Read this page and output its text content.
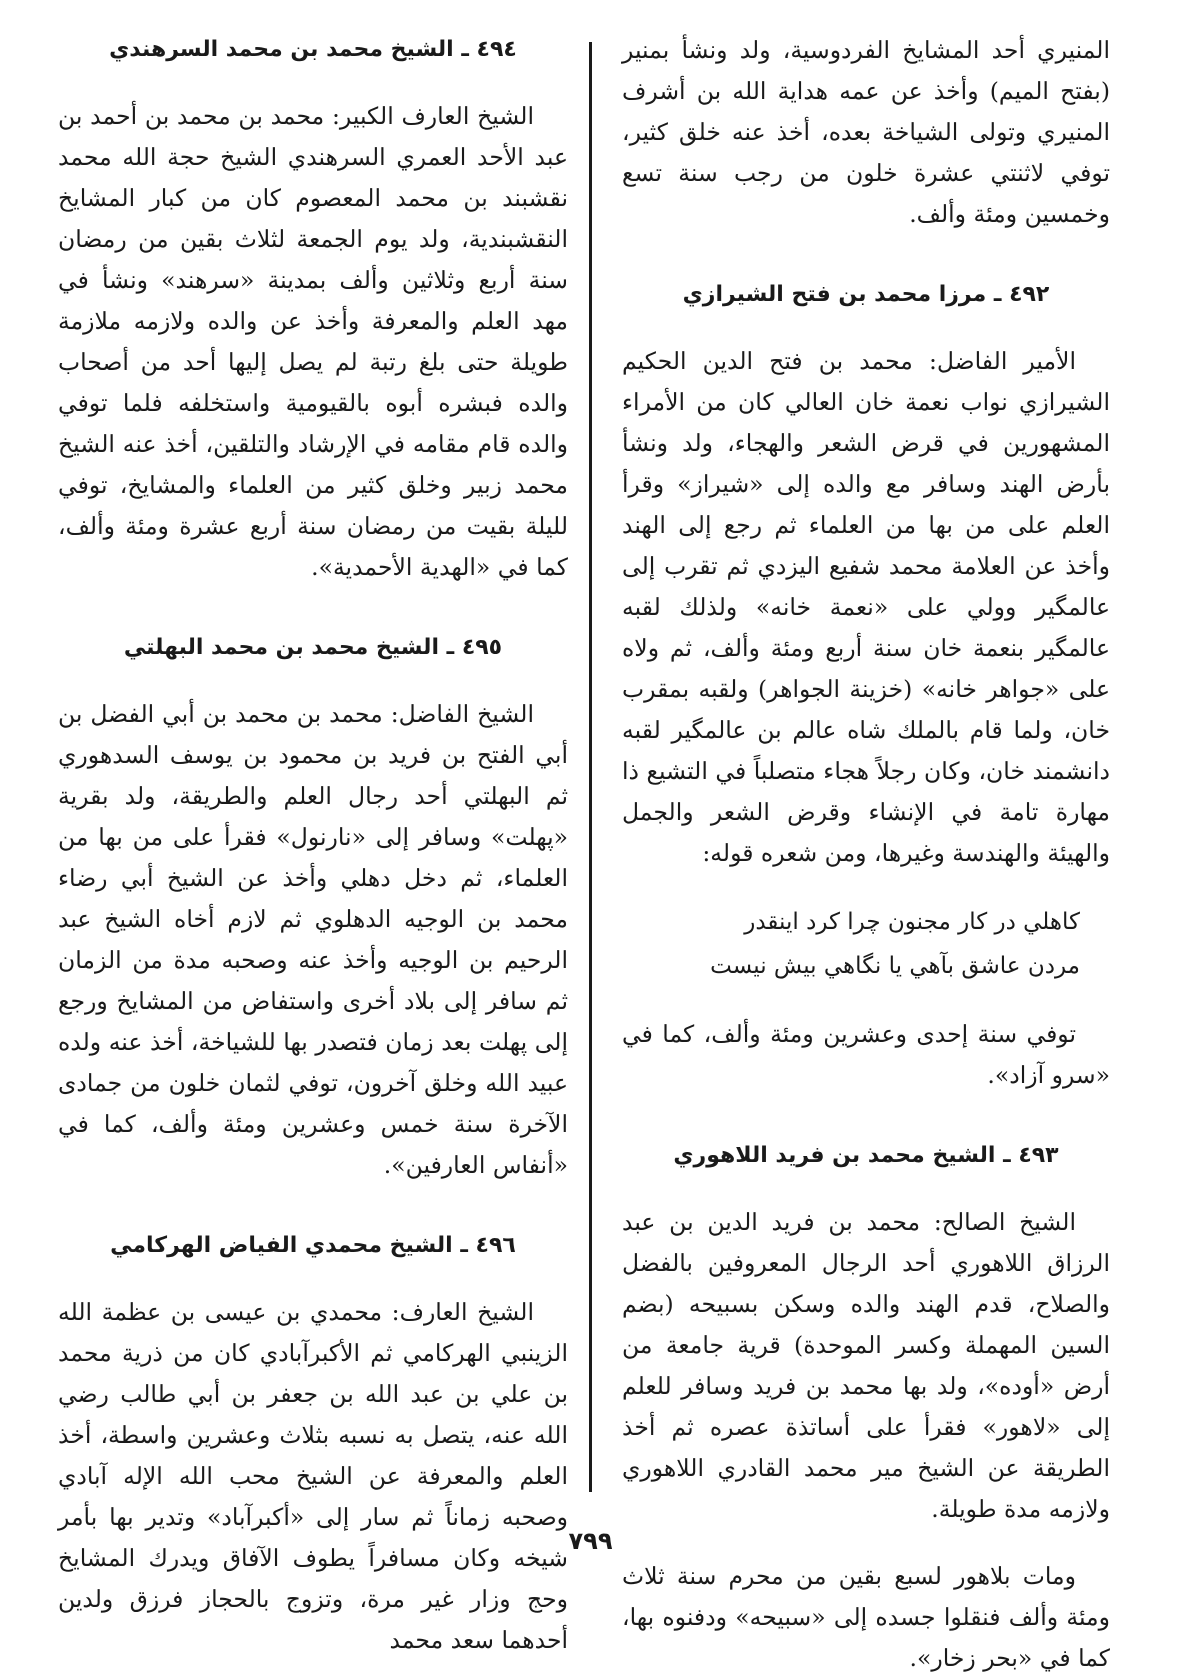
المنيري أحد المشايخ الفردوسية، ولد ونشأ بمنير (بفتح الميم) وأخذ عن عمه هداية الله بن أشرف المنيري وتولى الشياخة بعده، أخذ عنه خلق كثير، توفي لاثنتي عشرة خلون من رجب سنة تسع وخمسين ومئة وألف.

٤٩٢ ـ مرزا محمد بن فتح الشيرازي

الأمير الفاضل: محمد بن فتح الدين الحكيم الشيرازي نواب نعمة خان العالي كان من الأمراء المشهورين في قرض الشعر والهجاء، ولد ونشأ بأرض الهند وسافر مع والده إلى «شيراز» وقرأ العلم على من بها من العلماء ثم رجع إلى الهند وأخذ عن العلامة محمد شفيع اليزدي ثم تقرب إلى عالمگير وولي على «نعمة خانه» ولذلك لقبه عالمگير بنعمة خان سنة أربع ومئة وألف، ثم ولاه على «جواهر خانه» (خزينة الجواهر) ولقبه بمقرب خان، ولما قام بالملك شاه عالم بن عالمگير لقبه دانشمند خان، وكان رجلاً هجاء متصلباً في التشيع ذا مهارة تامة في الإنشاء وقرض الشعر والجمل والهيئة والهندسة وغيرها، ومن شعره قوله:

كاهلي در كار مجنون چرا كرد اينقدر
مردن عاشق بآهي يا نگاهي بيش نيست

توفي سنة إحدى وعشرين ومئة وألف، كما في «سرو آزاد».

٤٩٣ ـ الشيخ محمد بن فريد اللاهوري

الشيخ الصالح: محمد بن فريد الدين بن عبد الرزاق اللاهوري أحد الرجال المعروفين بالفضل والصلاح، قدم الهند والده وسكن بسبيحه (بضم السين المهملة وكسر الموحدة) قرية جامعة من أرض «أوده»، ولد بها محمد بن فريد وسافر للعلم إلى «لاهور» فقرأ على أساتذة عصره ثم أخذ الطريقة عن الشيخ مير محمد القادري اللاهوري ولازمه مدة طويلة.

ومات بلاهور لسبع بقين من محرم سنة ثلاث ومئة وألف فنقلوا جسده إلى «سبيحه» ودفنوه بها، كما في «بحر زخار».

٤٩٤ ـ الشيخ محمد بن محمد السرهندي

الشيخ العارف الكبير: محمد بن محمد بن أحمد بن عبد الأحد العمري السرهندي الشيخ حجة الله محمد نقشبند بن محمد المعصوم كان من كبار المشايخ النقشبندية، ولد يوم الجمعة لثلاث بقين من رمضان سنة أربع وثلاثين وألف بمدينة «سرهند» ونشأ في مهد العلم والمعرفة وأخذ عن والده ولازمه ملازمة طويلة حتى بلغ رتبة لم يصل إليها أحد من أصحاب والده فبشره أبوه بالقيومية واستخلفه فلما توفي والده قام مقامه في الإرشاد والتلقين، أخذ عنه الشيخ محمد زبير وخلق كثير من العلماء والمشايخ، توفي لليلة بقيت من رمضان سنة أربع عشرة ومئة وألف، كما في «الهدية الأحمدية».

٤٩٥ ـ الشيخ محمد بن محمد البهلتي

الشيخ الفاضل: محمد بن محمد بن أبي الفضل بن أبي الفتح بن فريد بن محمود بن يوسف السدهوري ثم البهلتي أحد رجال العلم والطريقة، ولد بقرية «پهلت» وسافر إلى «نارنول» فقرأ على من بها من العلماء، ثم دخل دهلي وأخذ عن الشيخ أبي رضاء محمد بن الوجيه الدهلوي ثم لازم أخاه الشيخ عبد الرحيم بن الوجيه وأخذ عنه وصحبه مدة من الزمان ثم سافر إلى بلاد أخرى واستفاض من المشايخ ورجع إلى پهلت بعد زمان فتصدر بها للشياخة، أخذ عنه ولده عبيد الله وخلق آخرون، توفي لثمان خلون من جمادى الآخرة سنة خمس وعشرين ومئة وألف، كما في «أنفاس العارفين».

٤٩٦ ـ الشيخ محمدي الفياض الهركامي

الشيخ العارف: محمدي بن عيسى بن عظمة الله الزينبي الهركامي ثم الأكبرآبادي كان من ذرية محمد بن علي بن عبد الله بن جعفر بن أبي طالب رضي الله عنه، يتصل به نسبه بثلاث وعشرين واسطة، أخذ العلم والمعرفة عن الشيخ محب الله الإله آبادي وصحبه زماناً ثم سار إلى «أكبرآباد» وتدير بها بأمر شيخه وكان مسافراً يطوف الآفاق ويدرك المشايخ وحج وزار غير مرة، وتزوج بالحجاز فرزق ولدين أحدهما سعد محمد

٧٩٩
